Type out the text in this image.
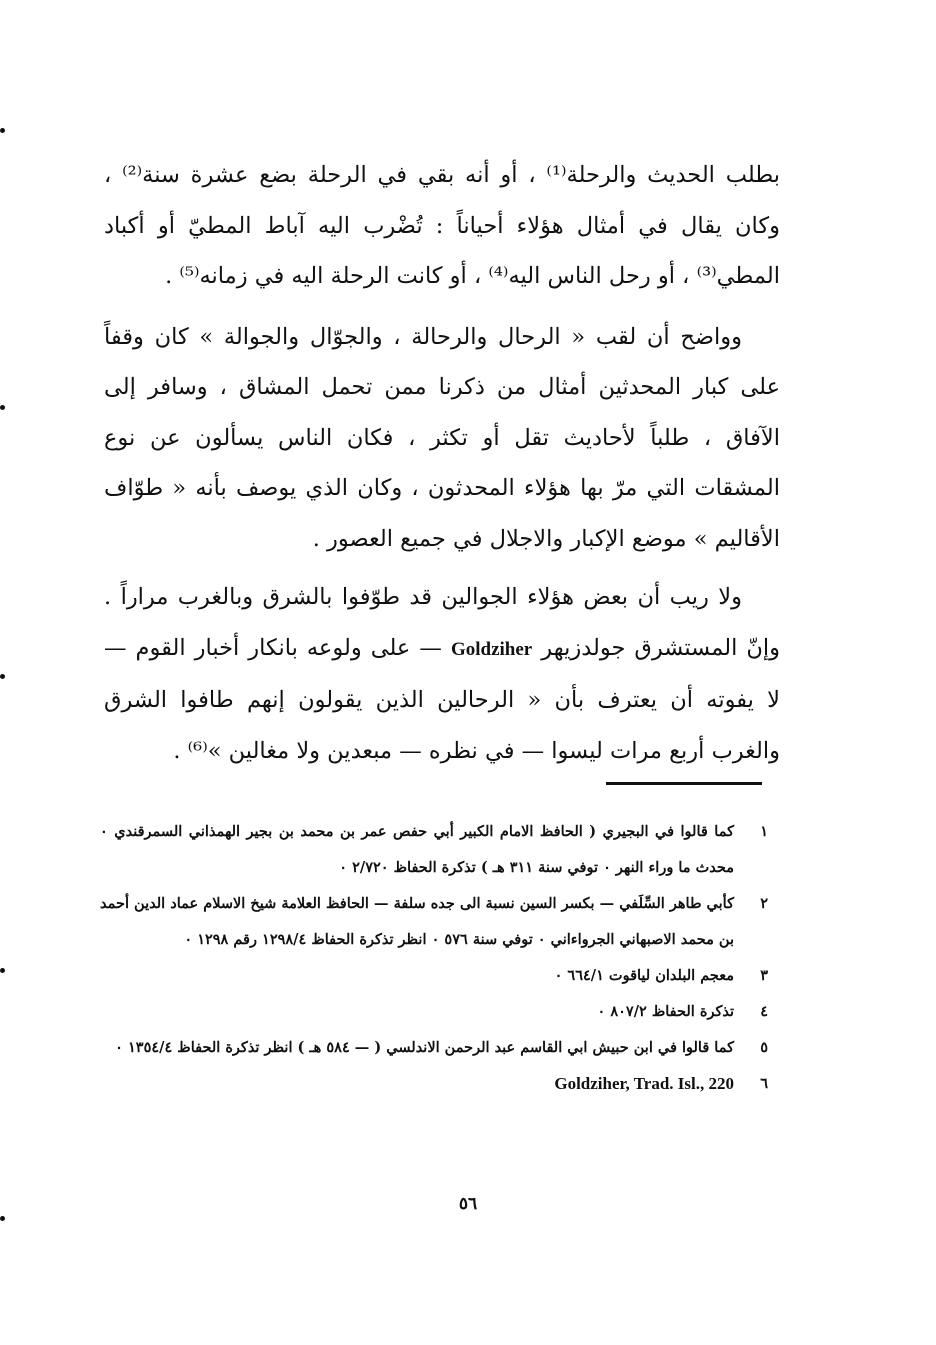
بطلب الحديث والرحلة⁽¹⁾ ، أو أنه بقي في الرحلة بضع عشرة سنة⁽²⁾ ، وكان يقال في أمثال هؤلاء أحياناً : تُضْرب اليه آباط المطيّ أو أكباد المطي⁽³⁾ ، أو رحل الناس اليه⁽⁴⁾ ، أو كانت الرحلة اليه في زمانه⁽⁵⁾ .

وواضح أن لقب « الرحال والرحالة ، والجوّال والجوالة » كان وقفاً على كبار المحدثين أمثال من ذكرنا ممن تحمل المشاق ، وسافر إلى الآفاق ، طلباً لأحاديث تقل أو تكثر ، فكان الناس يسألون عن نوع المشقات التي مرّ بها هؤلاء المحدثون ، وكان الذي يوصف بأنه « طوّاف الأقاليم » موضع الإكبار والاجلال في جميع العصور .

ولا ريب أن بعض هؤلاء الجوالين قد طوّفوا بالشرق وبالغرب مراراً . وإنّ المستشرق جولدزيهر Goldziher — على ولوعه بانكار أخبار القوم — لا يفوته أن يعترف بأن « الرحالين الذين يقولون إنهم طافوا الشرق والغرب أربع مرات ليسوا — في نظره — مبعدين ولا مغالين »⁽⁶⁾ .

١
كما قالوا في البجيري ( الحافظ الامام الكبير أبي حفص عمر بن محمد بن بجير الهمذاني السمرقندي ٠ محدث ما وراء النهر ٠ توفي سنة ٣١١ هـ ) تذكرة الحفاظ ٢/٧٢٠ ٠
٢
كأبي طاهر السِّلَفي — بكسر السين نسبة الى جده سلفة — الحافظ العلامة شيخ الاسلام عماد الدين أحمد بن محمد الاصبهاني الجرواءاني ٠ توفي سنة ٥٧٦ ٠ انظر تذكرة الحفاظ ١٢٩٨/٤ رقم ١٢٩٨ ٠
٣
معجم البلدان لياقوت ٦٦٤/١ ٠
٤
تذكرة الحفاظ ٨٠٧/٢ ٠
٥
كما قالوا في ابن حبيش ابي القاسم عبد الرحمن الاندلسي ( — ٥٨٤ هـ ) انظر تذكرة الحفاظ ١٣٥٤/٤ ٠
٦
Goldziher, Trad. Isl., 220
٥٦
